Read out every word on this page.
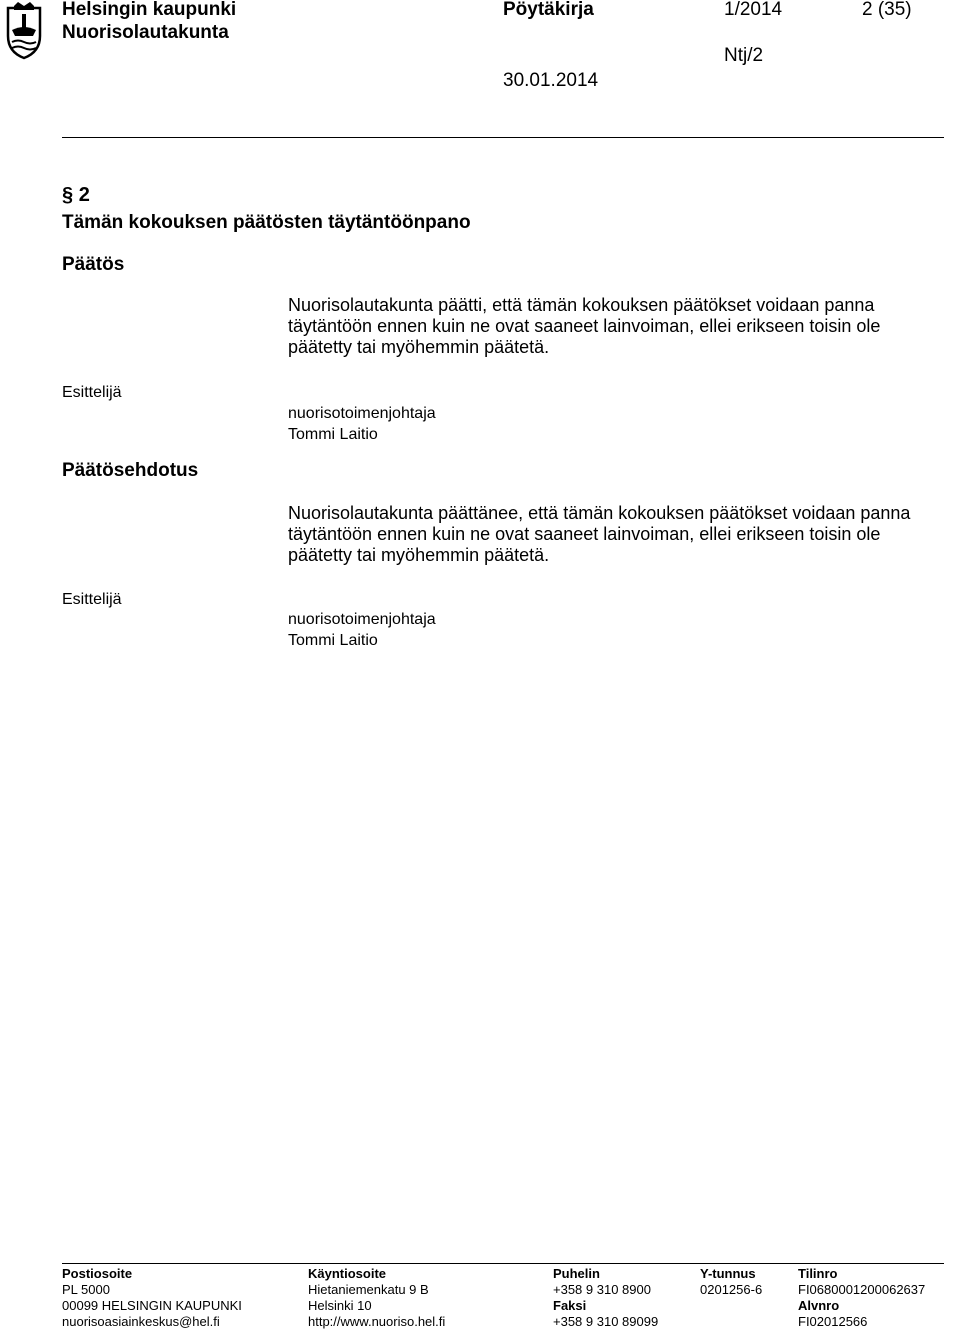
Helsingin kaupunki
Nuorisolautakunta
Pöytäkirja	1/2014	2 (35)
Ntj/2
30.01.2014
§ 2
Tämän kokouksen päätösten täytäntöönpano
Päätös
Nuorisolautakunta päätti, että tämän kokouksen päätökset voidaan panna täytäntöön ennen kuin ne ovat saaneet lainvoiman, ellei erikseen toisin ole päätetty tai myöhemmin päätetä.
Esittelijä
nuorisotoimenjohtaja
Tommi Laitio
Päätösehdotus
Nuorisolautakunta päättänee, että tämän kokouksen päätökset voidaan panna täytäntöön ennen kuin ne ovat saaneet lainvoiman, ellei erikseen toisin ole päätetty tai myöhemmin päätetä.
Esittelijä
nuorisotoimenjohtaja
Tommi Laitio
Postiosoite
PL 5000
00099 HELSINGIN KAUPUNKI
nuorisoasiainkeskus@hel.fi
Käyntiosoite
Hietaniemenkatu 9 B
Helsinki 10
http://www.nuoriso.hel.fi
Puhelin
+358 9 310 8900
Faksi
+358 9 310 89099
Y-tunnus
0201256-6
Tilinro
FI0680001200062637
Alvnro
FI02012566
